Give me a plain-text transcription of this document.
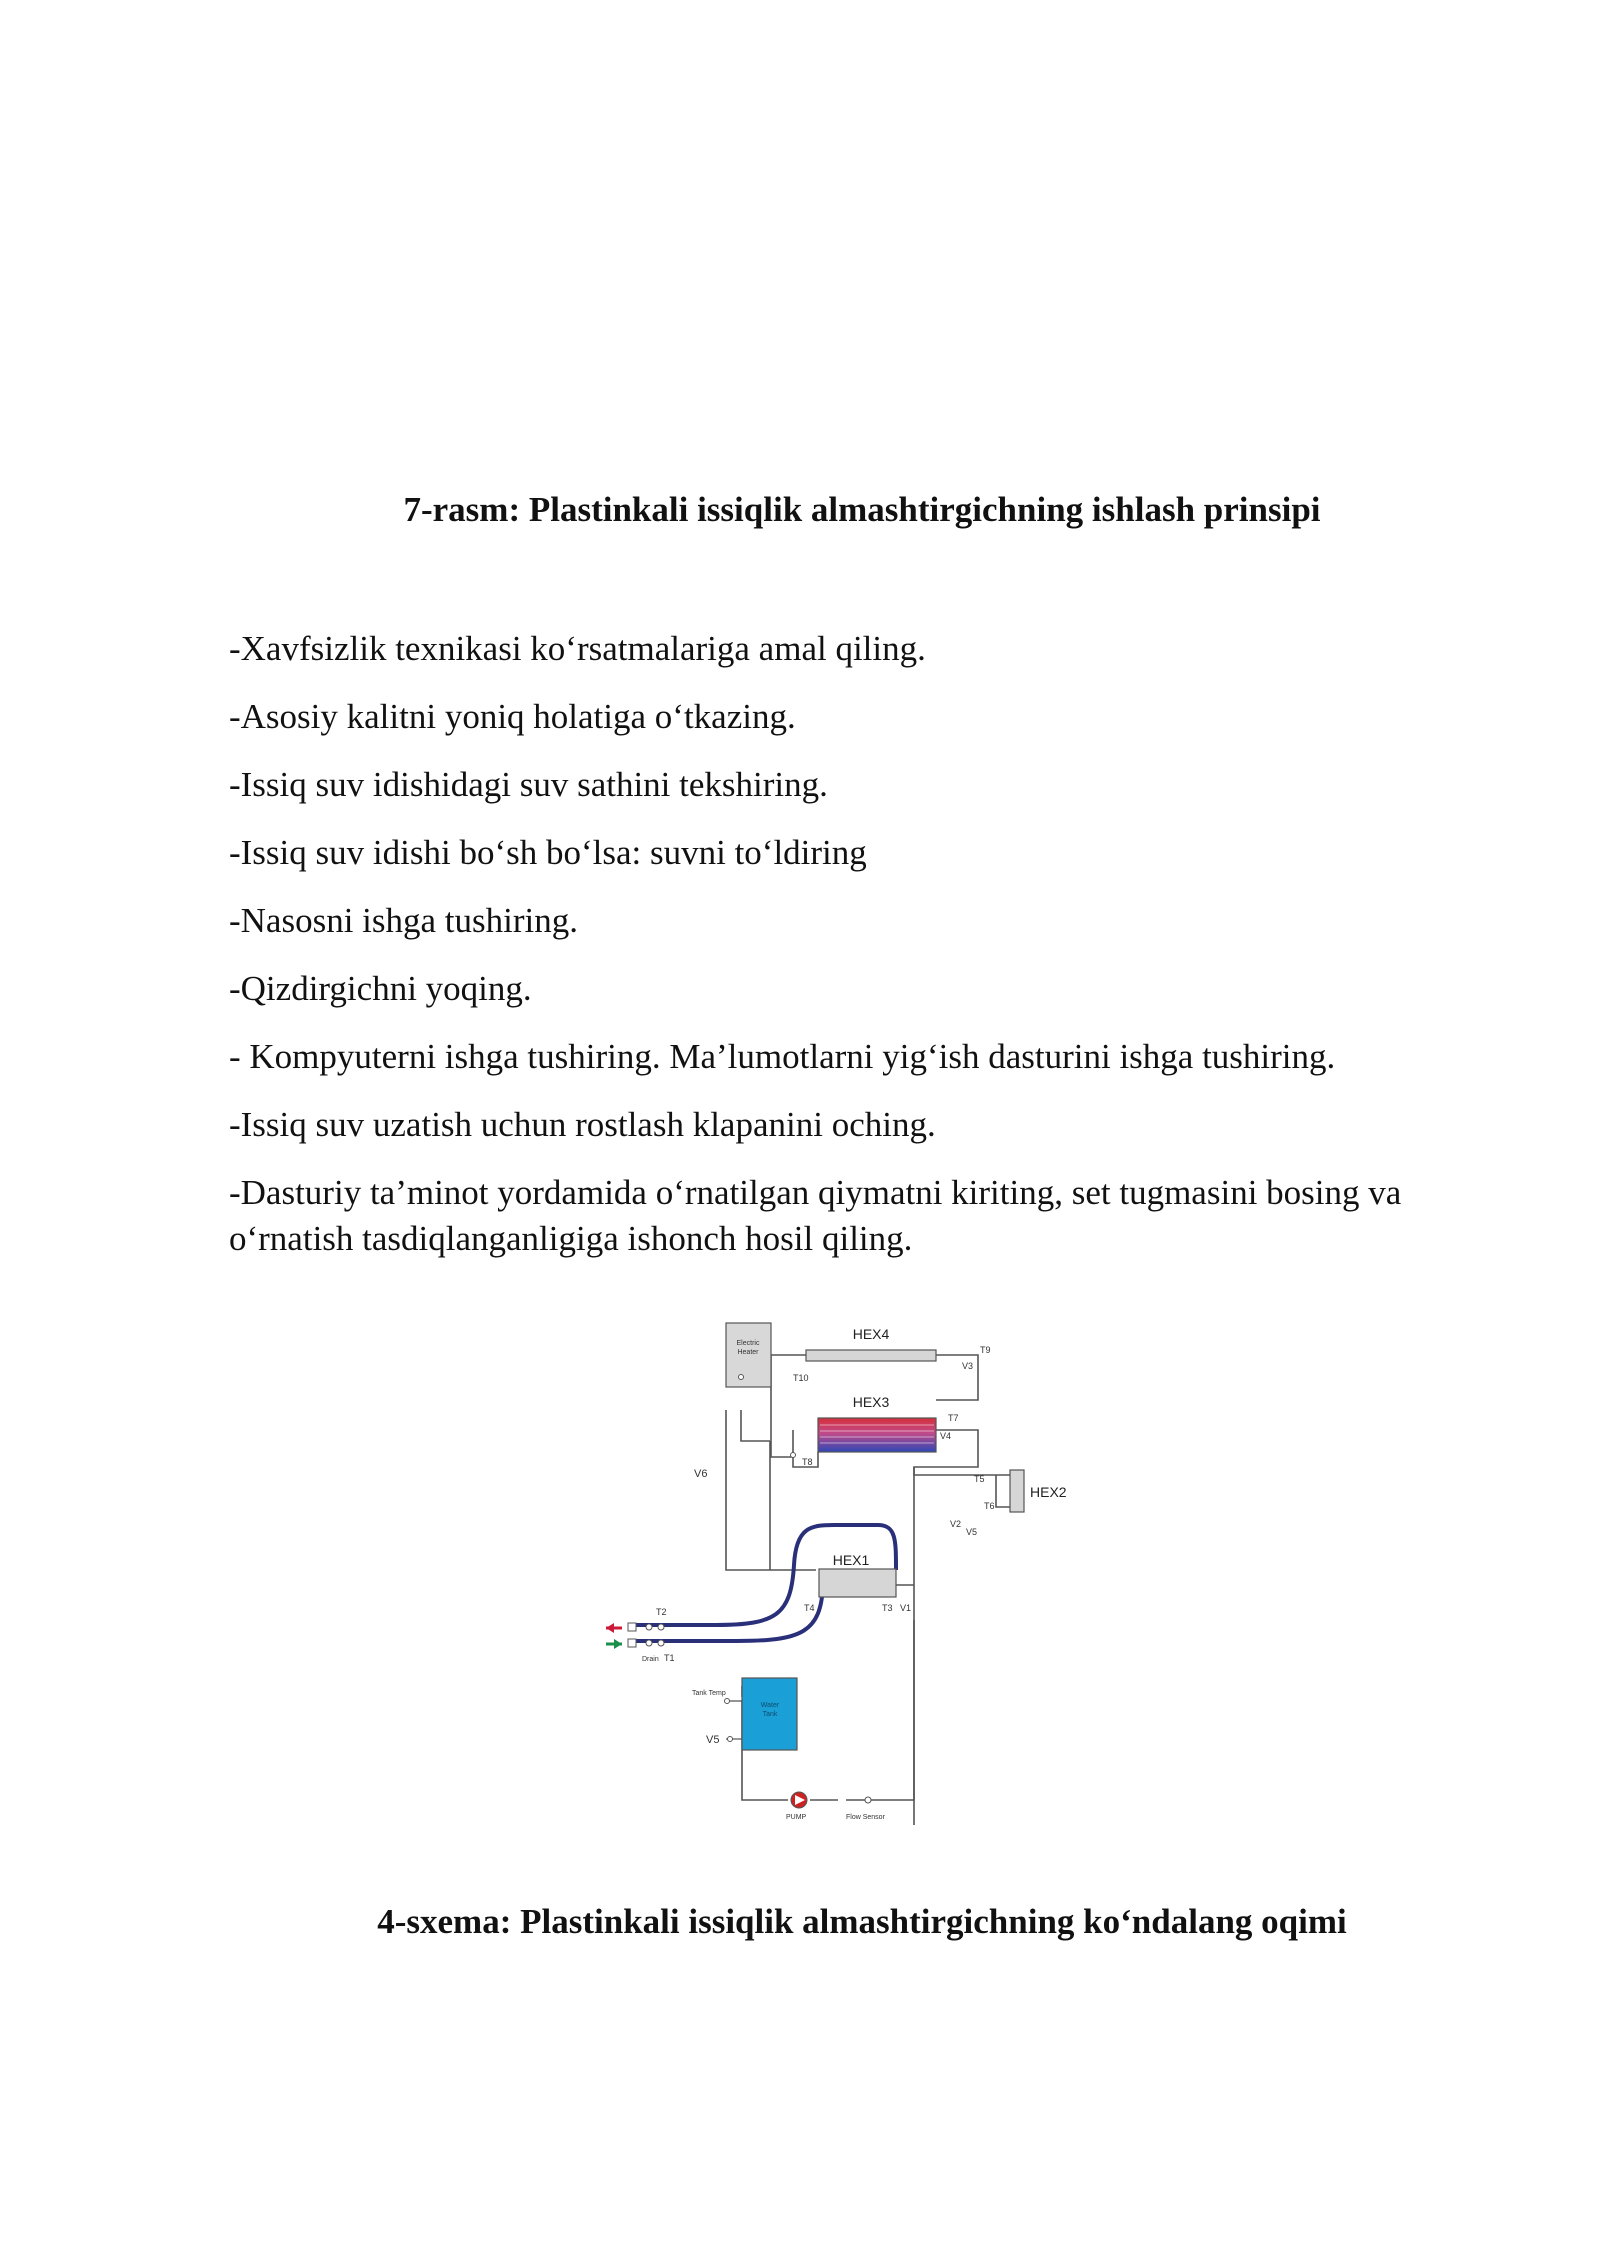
7-rasm: Plastinkali issiqlik almashtirgichning ishlash prinsipi
-Xavfsizlik texnikasi ko‘rsatmalariga amal qiling.
-Asosiy kalitni yoniq holatiga o‘tkazing.
-Issiq suv idishidagi suv sathini tekshiring.
-Issiq suv idishi bo‘sh bo‘lsa: suvni to‘ldiring
-Nasosni ishga tushiring.
-Qizdirgichni yoqing.
- Kompyuterni ishga tushiring. Ma’lumotlarni yig‘ish dasturini ishga tushiring.
-Issiq suv uzatish uchun rostlash klapanini oching.
-Dasturiy ta’minot yordamida o‘rnatilgan qiymatni kiriting, set tugmasini bosing va o‘rnatish tasdiqlanganligiga ishonch hosil qiling.
Electric
Heater
HEX4
T9
V3
T10
HEX3
T7
V4
T8
HEX2
T5
T6
V2
V5
V6
HEX1
T4	T3 V1
T2
Drain T1
Water
Tank
Tank Temp
V5
PUMP	Flow Sensor
4-sxema: Plastinkali issiqlik almashtirgichning ko‘ndalang oqimi
